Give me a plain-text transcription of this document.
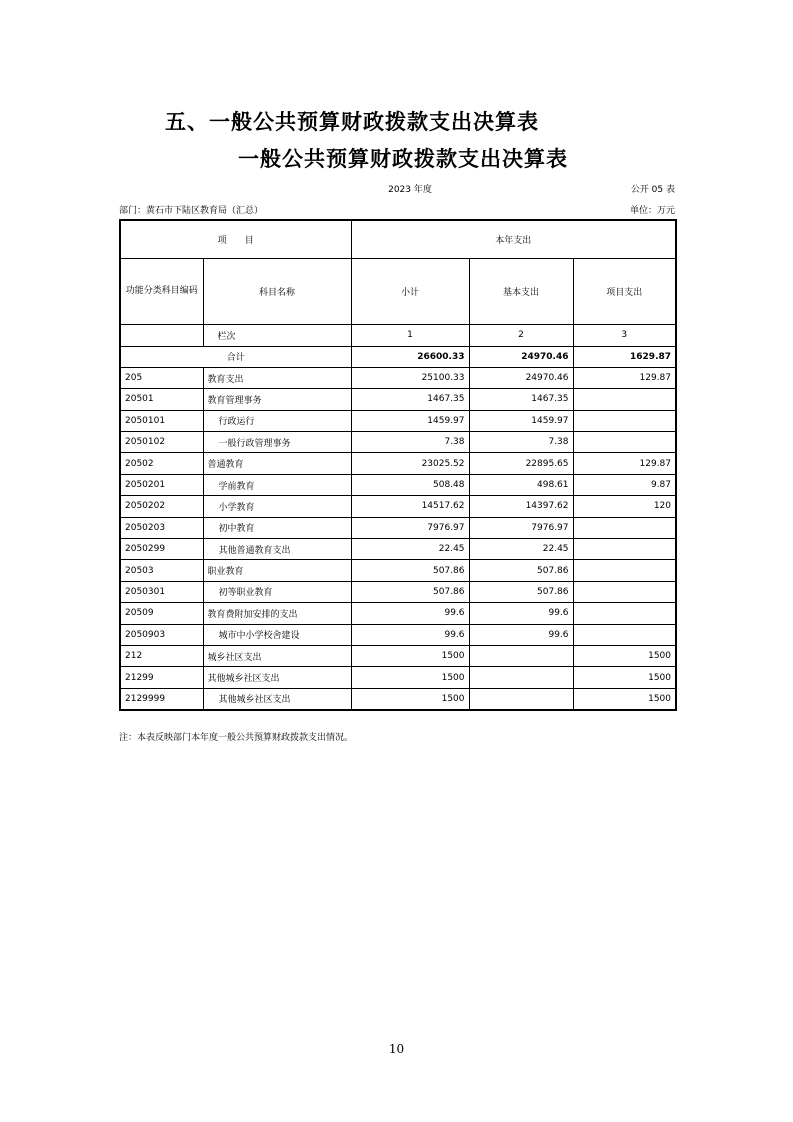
五、一般公共预算财政拨款支出决算表
一般公共预算财政拨款支出决算表
2023 年度	公开 05 表
部门：黄石市下陆区教育局（汇总）	单位：万元
项　　目		本年支出		
功能分类科目编码	科目名称	小计	基本支出	项目支出
	栏次	1	2	3
合计		26600.33	24970.46	1629.87
205	教育支出	25100.33	24970.46	129.87
20501	教育管理事务	1467.35	1467.35	
2050101	行政运行	1459.97	1459.97	
2050102	一般行政管理事务	7.38	7.38	
20502	普通教育	23025.52	22895.65	129.87
2050201	学前教育	508.48	498.61	9.87
2050202	小学教育	14517.62	14397.62	120
2050203	初中教育	7976.97	7976.97	
2050299	其他普通教育支出	22.45	22.45	
20503	职业教育	507.86	507.86	
2050301	初等职业教育	507.86	507.86	
20509	教育费附加安排的支出	99.6	99.6	
2050903	城市中小学校舍建设	99.6	99.6	
212	城乡社区支出	1500		1500
21299	其他城乡社区支出	1500		1500
2129999	其他城乡社区支出	1500		1500
注：本表反映部门本年度一般公共预算财政拨款支出情况。
10
